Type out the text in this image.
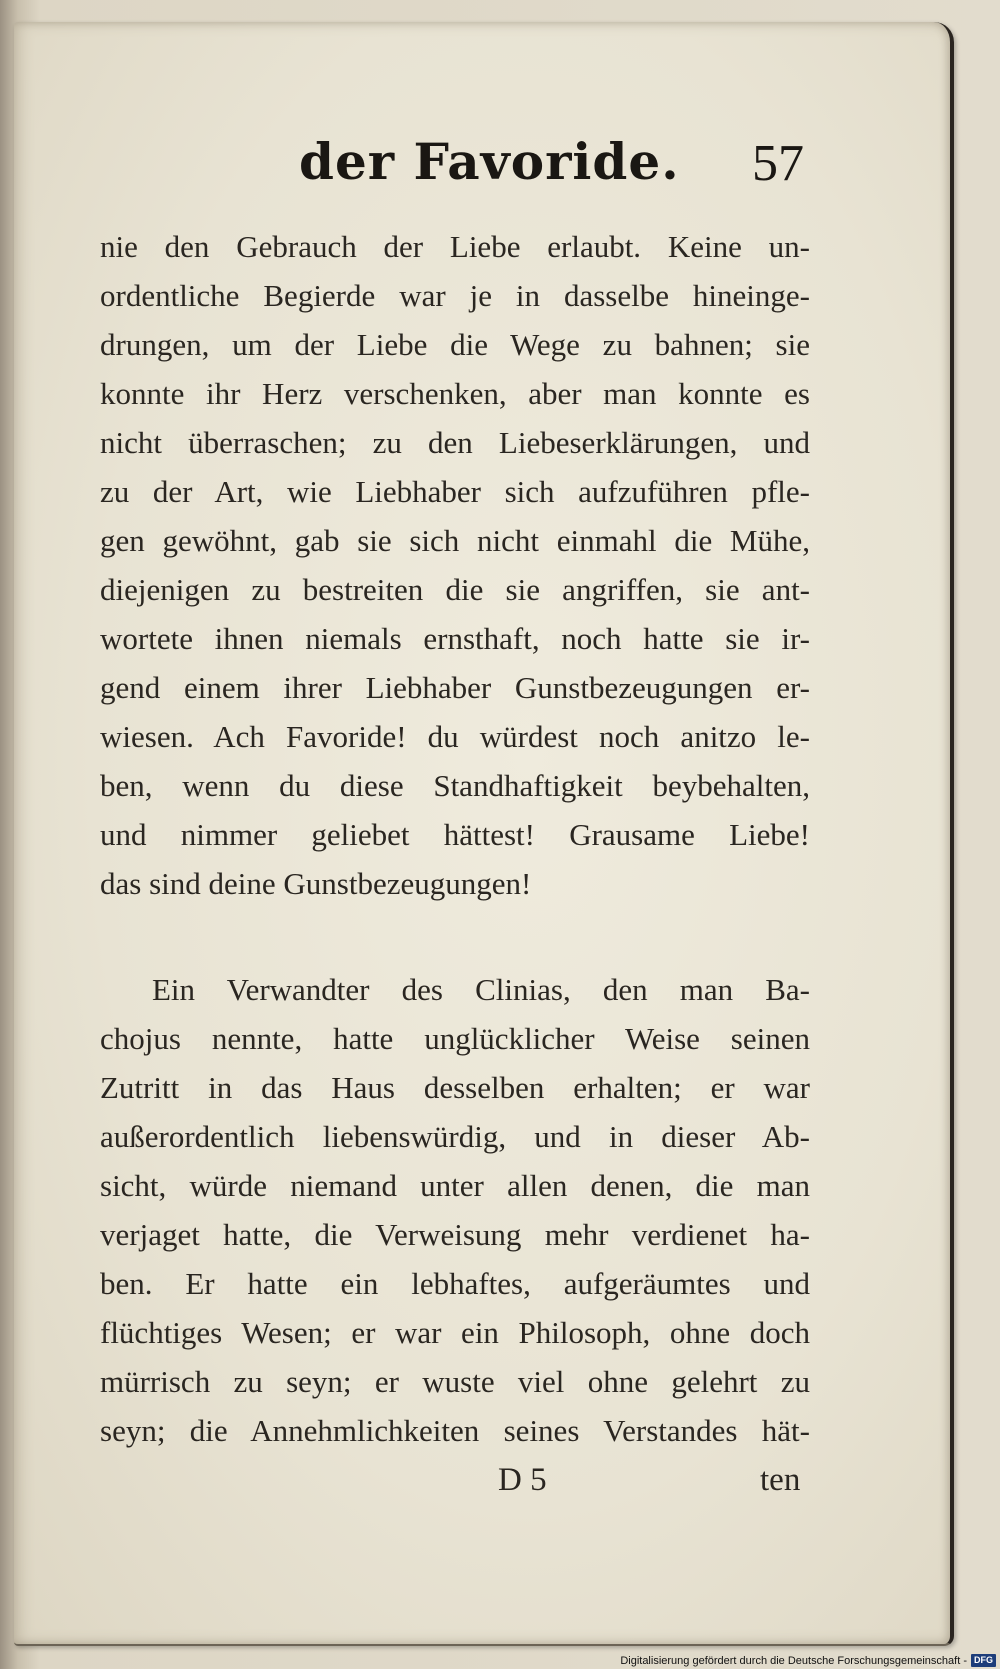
der Favoride. 57
nie den Gebrauch der Liebe erlaubt. Keine un-
ordentliche Begierde war je in dasselbe hineinge-
drungen, um der Liebe die Wege zu bahnen; sie
konnte ihr Herz verschenken, aber man konnte es
nicht überraschen; zu den Liebeserklärungen, und
zu der Art, wie Liebhaber sich aufzuführen pfle-
gen gewöhnt, gab sie sich nicht einmahl die Mühe,
diejenigen zu bestreiten die sie angriffen, sie ant-
wortete ihnen niemals ernsthaft, noch hatte sie ir-
gend einem ihrer Liebhaber Gunstbezeugungen er-
wiesen. Ach Favoride! du würdest noch anitzo le-
ben, wenn du diese Standhaftigkeit beybehalten,
und nimmer geliebet hättest! Grausame Liebe!
das sind deine Gunstbezeugungen!
Ein Verwandter des Clinias, den man Ba-
chojus nennte, hatte unglücklicher Weise seinen
Zutritt in das Haus desselben erhalten; er war
außerordentlich liebenswürdig, und in dieser Ab-
sicht, würde niemand unter allen denen, die man
verjaget hatte, die Verweisung mehr verdienet ha-
ben. Er hatte ein lebhaftes, aufgeräumtes und
flüchtiges Wesen; er war ein Philosoph, ohne doch
mürrisch zu seyn; er wuste viel ohne gelehrt zu
seyn; die Annehmlichkeiten seines Verstandes hät-
D 5	ten
Digitalisierung gefördert durch die Deutsche Forschungsgemeinschaft - DFG
